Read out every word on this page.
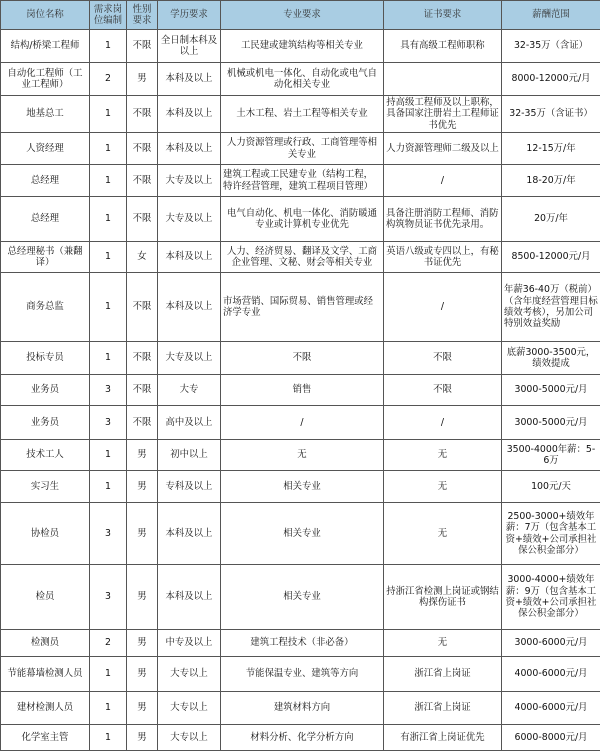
岗位名称	需求岗位编制	性别要求	学历要求	专业要求	证书要求	薪酬范围
结构/桥梁工程师	1	不限	全日制本科及以上	工民建或建筑结构等相关专业	具有高级工程师职称	32-35万（含证）
自动化工程师（工业工程师）	2	男	本科及以上	机械或机电一体化、自动化或电气自动化相关专业		8000-12000元/月
地基总工	1	不限	本科及以上	土木工程、岩土工程等相关专业	持高级工程师及以上职称，具备国家注册岩土工程师证书优先	32-35万（含证书）
人资经理	1	不限	本科及以上	人力资源管理或行政、工商管理等相关专业	人力资源管理师二级及以上	12-15万/年
总经理	1	不限	大专及以上	建筑工程或工民建专业（结构工程，特许经营管理，建筑工程项目管理）	/	18-20万/年
总经理	1	不限	大专及以上	电气自动化、机电一体化、消防暖通专业或计算机专业优先	具备注册消防工程师、消防构筑物员证书优先录用。	20万/年
总经理秘书（兼翻译）	1	女	本科及以上	人力、经济贸易、翻译及文学、工商企业管理、文秘、财会等相关专业	英语八级或专四以上，有秘书证优先	8500-12000元/月
商务总监	1	不限	本科及以上	市场营销、国际贸易、销售管理或经济学专业	/	年薪36-40万（税前）（含年度经营管理目标绩效考核），另加公司特别效益奖励
投标专员	1	不限	大专及以上	不限	不限	底薪3000-3500元，绩效提成
业务员	3	不限	大专	销售	不限	3000-5000元/月
业务员	3	不限	高中及以上	/	/	3000-5000元/月
技术工人	1	男	初中以上	无	无	3500-4000年薪：5-6万
实习生	1	男	专科及以上	相关专业	无	100元/天
协检员	3	男	本科及以上	相关专业	无	2500-3000+绩效年薪：7万（包含基本工资+绩效+公司承担社保公积金部分）
检员	3	男	本科及以上	相关专业	持浙江省检测上岗证或钢结构探伤证书	3000-4000+绩效年薪：9万（包含基本工资+绩效+公司承担社保公积金部分）
检测员	2	男	中专及以上	建筑工程技术（非必备）	无	3000-6000元/月
节能幕墙检测人员	1	男	大专以上	节能保温专业、建筑等方向	浙江省上岗证	4000-6000元/月
建材检测人员	1	男	大专以上	建筑材料方向	浙江省上岗证	4000-6000元/月
化学室主管	1	男	大专以上	材料分析、化学分析方向	有浙江省上岗证优先	6000-8000元/月
